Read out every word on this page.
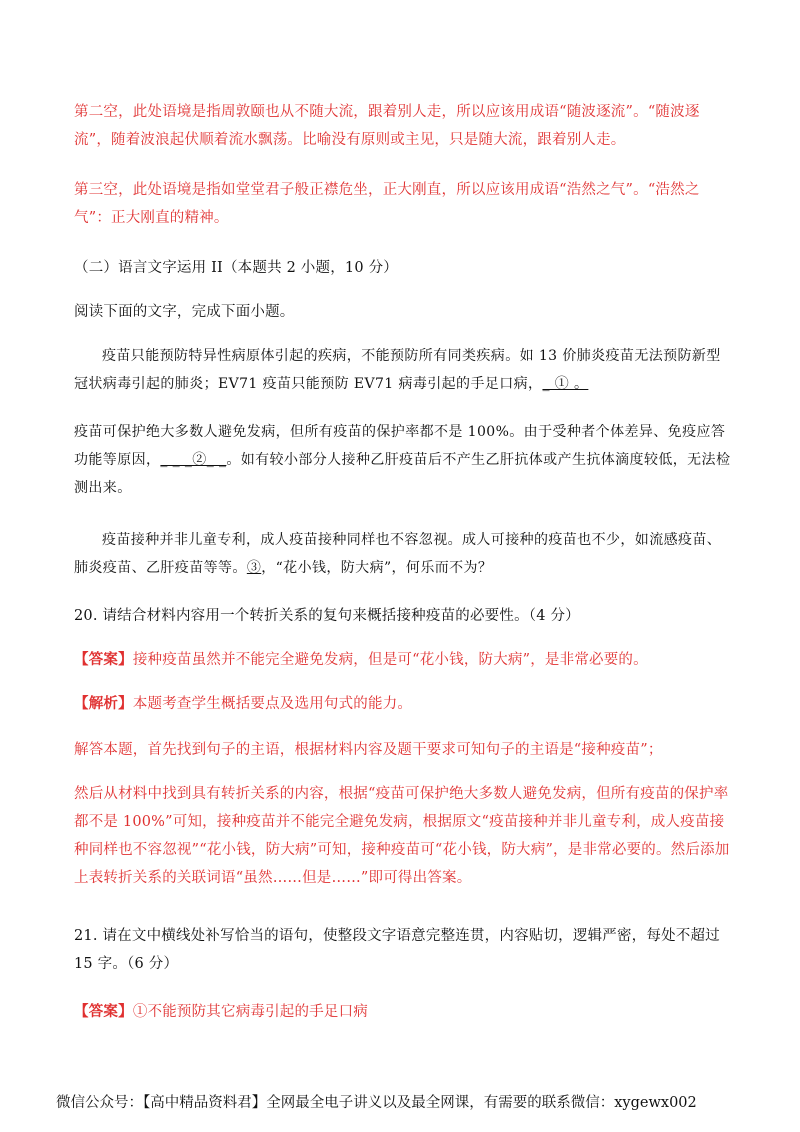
第二空，此处语境是指周敦颐也从不随大流，跟着别人走，所以应该用成语“随波逐流”。“随波逐流”，随着波浪起伏顺着流水飘荡。比喻没有原则或主见，只是随大流，跟着别人走。
第三空，此处语境是指如堂堂君子般正襟危坐，正大刚直，所以应该用成语“浩然之气”。“浩然之气”：正大刚直的精神。
（二）语言文字运用 II（本题共 2 小题，10 分）
阅读下面的文字，完成下面小题。
疫苗只能预防特异性病原体引起的疾病，不能预防所有同类疾病。如 13 价肺炎疫苗无法预防新型冠状病毒引起的肺炎；EV71 疫苗只能预防 EV71 病毒引起的手足口病，_ ① 。
疫苗可保护绝大多数人避免发病，但所有疫苗的保护率都不是 100%。由于受种者个体差异、免疫应答功能等原因，_ _ _②_ _。如有较小部分人接种乙肝疫苗后不产生乙肝抗体或产生抗体滴度较低，无法检测出来。
疫苗接种并非儿童专利，成人疫苗接种同样也不容忽视。成人可接种的疫苗也不少，如流感疫苗、肺炎疫苗、乙肝疫苗等等。③，“花小钱，防大病”，何乐而不为？
20. 请结合材料内容用一个转折关系的复句来概括接种疫苗的必要性。（4 分）
【答案】接种疫苗虽然并不能完全避免发病，但是可“花小钱，防大病”，是非常必要的。
【解析】本题考查学生概括要点及选用句式的能力。
解答本题，首先找到句子的主语，根据材料内容及题干要求可知句子的主语是“接种疫苗”；
然后从材料中找到具有转折关系的内容，根据“疫苗可保护绝大多数人避免发病，但所有疫苗的保护率都不是 100%”可知，接种疫苗并不能完全避免发病，根据原文“疫苗接种并非儿童专利，成人疫苗接种同样也不容忽视”“花小钱，防大病”可知，接种疫苗可“花小钱，防大病”，是非常必要的。然后添加上表转折关系的关联词语“虽然……但是……”即可得出答案。
21. 请在文中横线处补写恰当的语句，使整段文字语意完整连贯，内容贴切，逻辑严密，每处不超过 15 字。（6 分）
【答案】①不能预防其它病毒引起的手足口病
微信公众号：【高中精品资料君】全网最全电子讲义以及最全网课，有需要的联系微信：xygewx002
